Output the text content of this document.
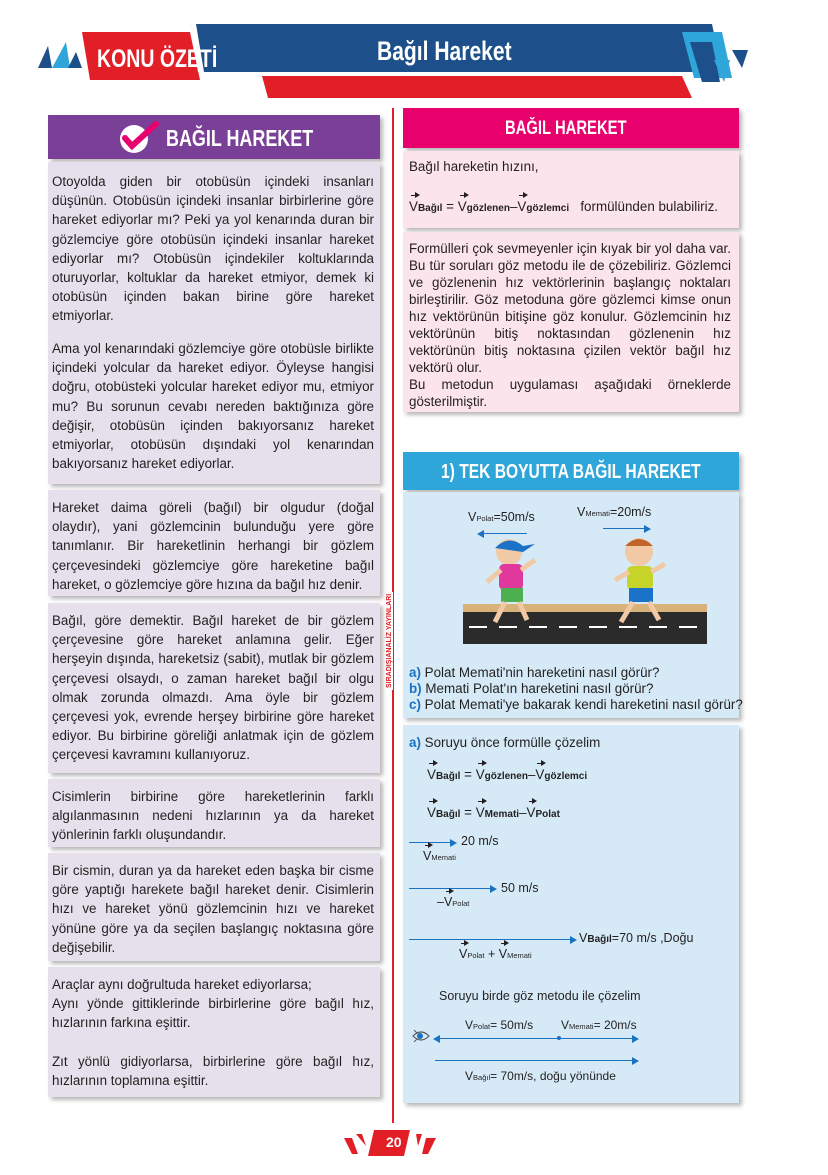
KONU ÖZETİ	Bağıl Hareket
SIRADIŞIANALİZ YAYINLARI
BAĞIL HAREKET
Otoyolda giden bir otobüsün içindeki insanları düşünün. Otobüsün içindeki insanlar birbirlerine göre hareket ediyorlar mı? Peki ya yol kenarında duran bir gözlemciye göre otobüsün içindeki insanlar hareket ediyorlar mı? Otobüsün içindekiler koltuklarında oturuyorlar, koltuklar da hareket etmiyor, demek ki otobüsün içinden bakan birine göre hareket etmiyorlar.
Ama yol kenarındaki gözlemciye göre otobüsle birlikte içindeki yolcular da hareket ediyor. Öyleyse hangisi doğru, otobüsteki yolcular hareket ediyor mu, etmiyor mu? Bu sorunun cevabı nereden baktığınıza göre değişir, otobüsün içinden bakıyorsanız hareket etmiyorlar, otobüsün dışındaki yol kenarından bakıyorsanız hareket ediyorlar.
Hareket daima göreli (bağıl) bir olgudur (doğal olaydır), yani gözlemcinin bulunduğu yere göre tanımlanır. Bir hareketlinin herhangi bir gözlem çerçevesindeki gözlemciye göre hareketine bağıl hareket, o gözlemciye göre hızına da bağıl hız denir.
Bağıl, göre demektir. Bağıl hareket de bir gözlem çerçevesine göre hareket anlamına gelir. Eğer herşeyin dışında, hareketsiz (sabit), mutlak bir gözlem çerçevesi olsaydı, o zaman hareket bağıl bir olgu olmak zorunda olmazdı. Ama öyle bir gözlem çerçevesi yok, evrende herşey birbirine göre hareket ediyor. Bu birbirine göreliği anlatmak için de gözlem çerçevesi kavramını kullanıyoruz.
Cisimlerin birbirine göre hareketlerinin farklı algılanmasının nedeni hızlarının ya da hareket yönlerinin farklı oluşundandır.
Bir cismin, duran ya da hareket eden başka bir cisme göre yaptığı harekete bağıl hareket denir. Cisimlerin hızı ve hareket yönü gözlemcinin hızı ve hareket yönüne göre ya da seçilen başlangıç noktasına göre değişebilir.
Araçlar aynı doğrultuda hareket ediyorlarsa;
Aynı yönde gittiklerinde birbirlerine göre bağıl hız, hızlarının farkına eşittir.
Zıt yönlü gidiyorlarsa, birbirlerine göre bağıl hız, hızlarının toplamına eşittir.
BAĞIL HAREKET
Bağıl hareketin hızını,
VBağıl = Vgözlenen–Vgözlemci formülünden bulabiliriz.
Formülleri çok sevmeyenler için kıyak bir yol daha var. Bu tür soruları göz metodu ile de çözebiliriz. Gözlemci ve gözlenenin hız vektörlerinin başlangıç noktaları birleştirilir. Göz metoduna göre gözlemci kimse onun hız vektörünün bitişine göz konulur. Gözlemcinin hız vektörünün bitiş noktasından gözlenenin hız vektörünün bitiş noktasına çizilen vektör bağıl hız vektörü olur.
Bu metodun uygulaması aşağıdaki örneklerde gösterilmiştir.
1) TEK BOYUTTA BAĞIL HAREKET
VPolat=50m/s	VMemati=20m/s
a) Polat Memati'nin hareketini nasıl görür?
b) Memati Polat'ın hareketini nasıl görür?
c) Polat Memati'ye bakarak kendi hareketini nasıl görür?
a) Soruyu önce formülle çözelim
VBağıl = Vgözlenen–Vgözlemci
VBağıl = VMemati–VPolat
20 m/s
VMemati
50 m/s
–VPolat
VBağıl=70 m/s ,Doğu
VPolat + VMemati
Soruyu birde göz metodu ile çözelim
VPolat= 50m/s VMemati= 20m/s
VBağıl= 70m/s, doğu yönünde
20
